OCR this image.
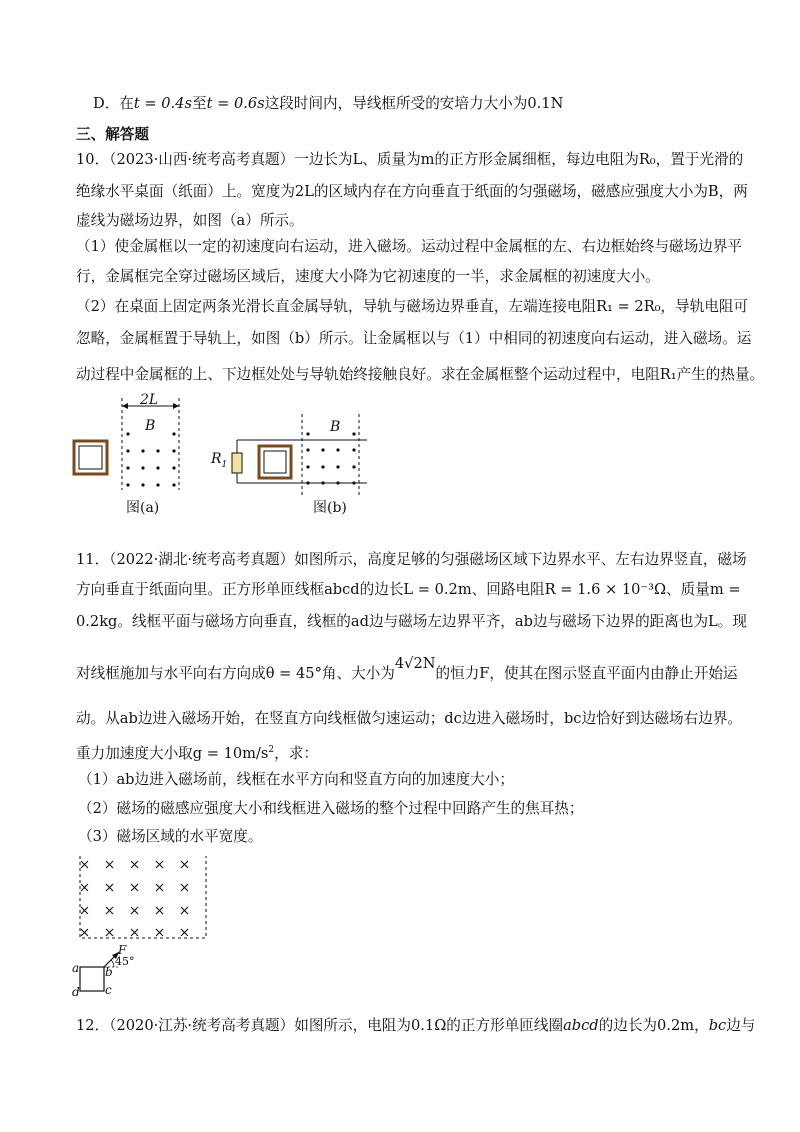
D．在t = 0.4s至t = 0.6s这段时间内，导线框所受的安培力大小为0.1N
三、解答题
10．（2023·山西·统考高考真题）一边长为L、质量为m的正方形金属细框，每边电阻为R₀，置于光滑的
绝缘水平桌面（纸面）上。宽度为2L的区域内存在方向垂直于纸面的匀强磁场，磁感应强度大小为B，两
虚线为磁场边界，如图（a）所示。
（1）使金属框以一定的初速度向右运动，进入磁场。运动过程中金属框的左、右边框始终与磁场边界平
行，金属框完全穿过磁场区域后，速度大小降为它初速度的一半，求金属框的初速度大小。
（2）在桌面上固定两条光滑长直金属导轨，导轨与磁场边界垂直，左端连接电阻R₁ = 2R₀，导轨电阻可
忽略，金属框置于导轨上，如图（b）所示。让金属框以与（1）中相同的初速度向右运动，进入磁场。运
动过程中金属框的上、下边框处处与导轨始终接触良好。求在金属框整个运动过程中，电阻R₁产生的热量。
2L
B
图(a)
$R_1$
B
图(b)
11．（2022·湖北·统考高考真题）如图所示，高度足够的匀强磁场区域下边界水平、左右边界竖直，磁场
方向垂直于纸面向里。正方形单匝线框abcd的边长L = 0.2m、回路电阻R = 1.6 × 10⁻³Ω、质量m =
0.2kg。线框平面与磁场方向垂直，线框的ad边与磁场左边界平齐，ab边与磁场下边界的距离也为L。现
对线框施加与水平向右方向成θ = 45°角、大小为4√2N的恒力F，使其在图示竖直平面内由静止开始运
动。从ab边进入磁场开始，在竖直方向线框做匀速运动；dc边进入磁场时，bc边恰好到达磁场右边界。
重力加速度大小取$g = 10m/s^2$，求：
（1）ab边进入磁场前，线框在水平方向和竖直方向的加速度大小；
（2）磁场的磁感应强度大小和线框进入磁场的整个过程中回路产生的焦耳热；
（3）磁场区域的水平宽度。
F
45°
a b
c
d
12．（2020·江苏·统考高考真题）如图所示，电阻为0.1Ω的正方形单匝线圈abcd的边长为0.2m，bc边与
